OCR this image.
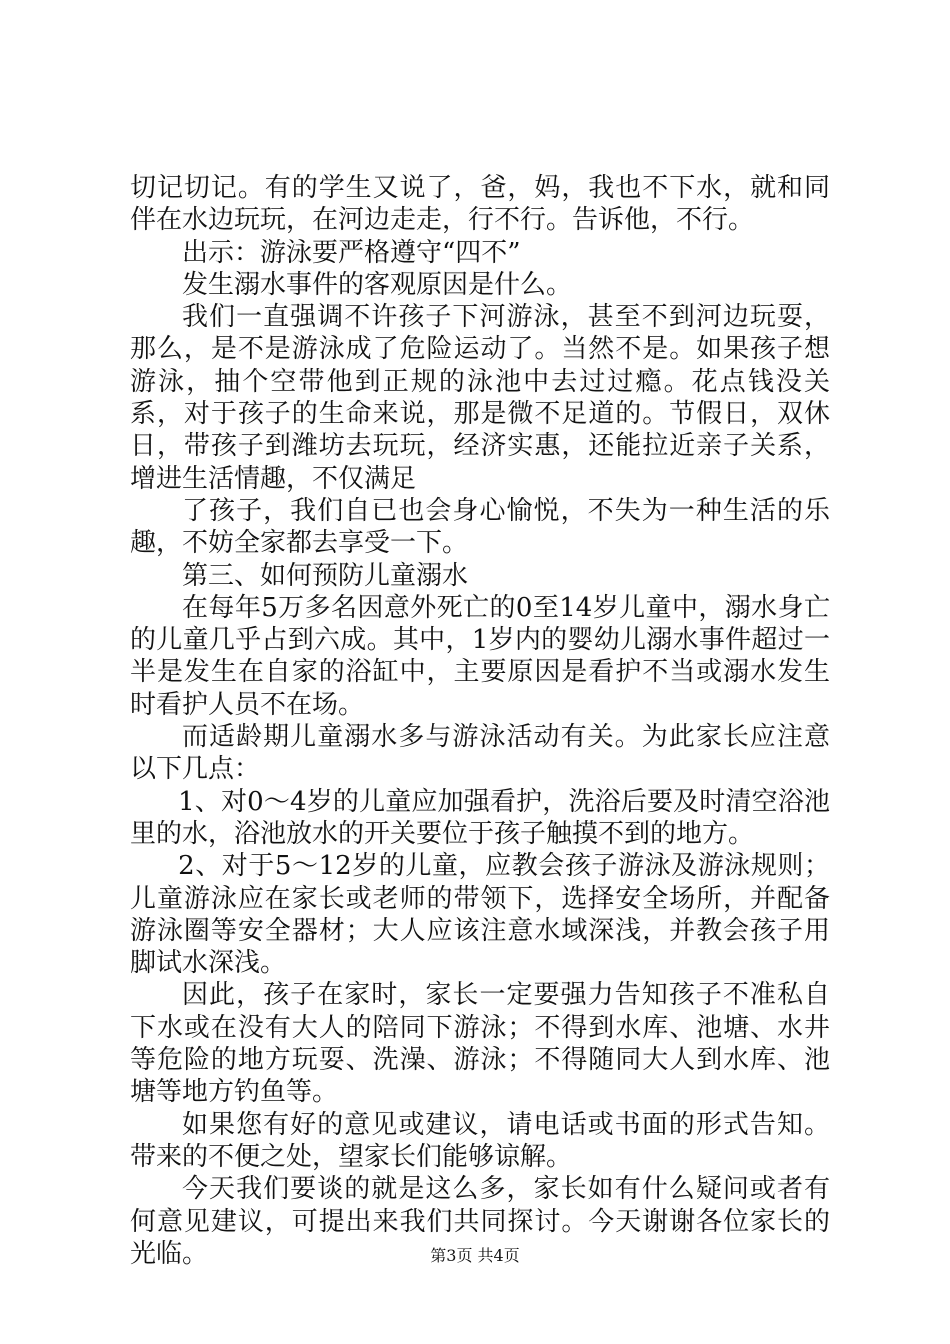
切记切记。有的学生又说了，爸，妈，我也不下水，就和同伴在水边玩玩，在河边走走，行不行。告诉他，不行。

出示：游泳要严格遵守“四不”

发生溺水事件的客观原因是什么。

我们一直强调不许孩子下河游泳，甚至不到河边玩耍，那么，是不是游泳成了危险运动了。当然不是。如果孩子想游泳，抽个空带他到正规的泳池中去过过瘾。花点钱没关系，对于孩子的生命来说，那是微不足道的。节假日，双休日，带孩子到潍坊去玩玩，经济实惠，还能拉近亲子关系，增进生活情趣，不仅满足

了孩子，我们自已也会身心愉悦，不失为一种生活的乐趣，不妨全家都去享受一下。

第三、如何预防儿童溺水

在每年5万多名因意外死亡的0至14岁儿童中，溺水身亡的儿童几乎占到六成。其中，1岁内的婴幼儿溺水事件超过一半是发生在自家的浴缸中，主要原因是看护不当或溺水发生时看护人员不在场。

而适龄期儿童溺水多与游泳活动有关。为此家长应注意以下几点：

1、对0～4岁的儿童应加强看护，洗浴后要及时清空浴池里的水，浴池放水的开关要位于孩子触摸不到的地方。

2、对于5～12岁的儿童，应教会孩子游泳及游泳规则；儿童游泳应在家长或老师的带领下，选择安全场所，并配备游泳圈等安全器材；大人应该注意水域深浅，并教会孩子用脚试水深浅。

因此，孩子在家时，家长一定要强力告知孩子不准私自下水或在没有大人的陪同下游泳；不得到水库、池塘、水井等危险的地方玩耍、洗澡、游泳；不得随同大人到水库、池塘等地方钓鱼等。

如果您有好的意见或建议，请电话或书面的形式告知。带来的不便之处，望家长们能够谅解。

今天我们要谈的就是这么多，家长如有什么疑问或者有何意见建议，可提出来我们共同探讨。今天谢谢各位家长的光临。	第3页 共4页
